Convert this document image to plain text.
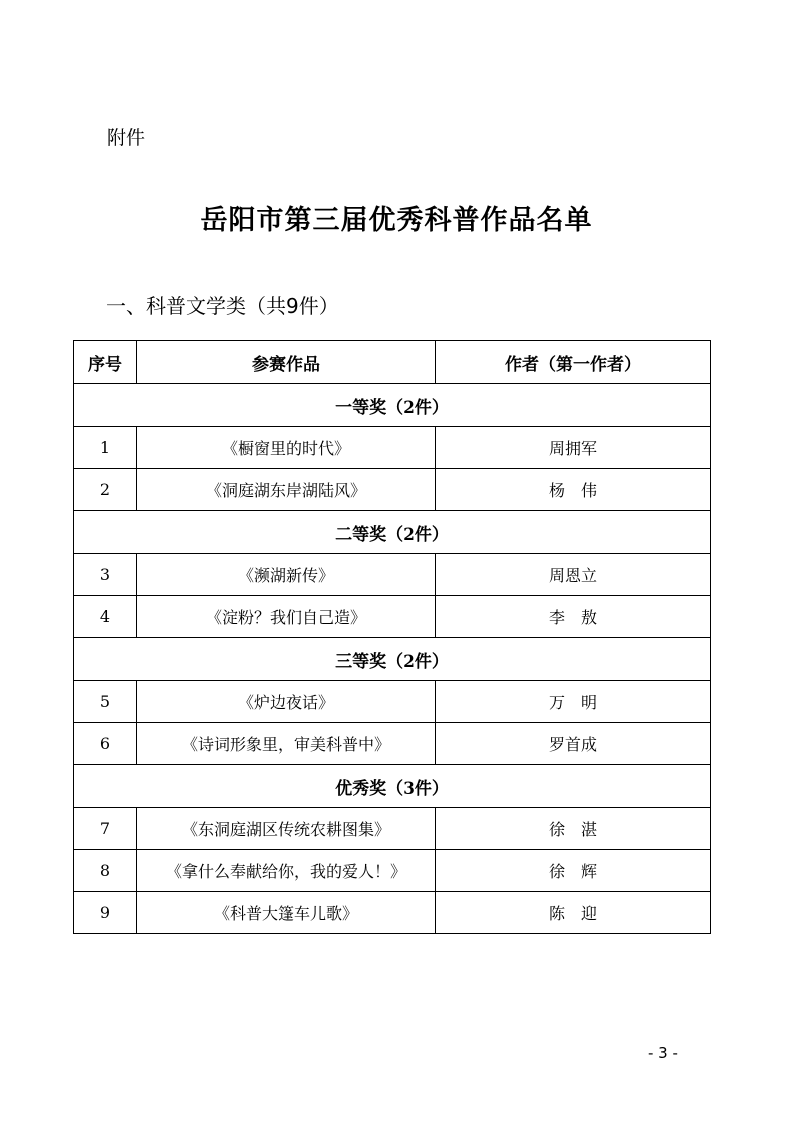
附件
岳阳市第三届优秀科普作品名单
一、科普文学类（共9件）
序号	参赛作品	作者（第一作者）
一等奖（2件）		
1	《橱窗里的时代》	周拥军
2	《洞庭湖东岸湖陆风》	杨　伟
二等奖（2件）		
3	《濒湖新传》	周恩立
4	《淀粉？我们自己造》	李　敖
三等奖（2件）		
5	《炉边夜话》	万　明
6	《诗词形象里，审美科普中》	罗首成
优秀奖（3件）		
7	《东洞庭湖区传统农耕图集》	徐　湛
8	《拿什么奉献给你，我的爱人！》	徐　辉
9	《科普大篷车儿歌》	陈　迎
- 3 -
